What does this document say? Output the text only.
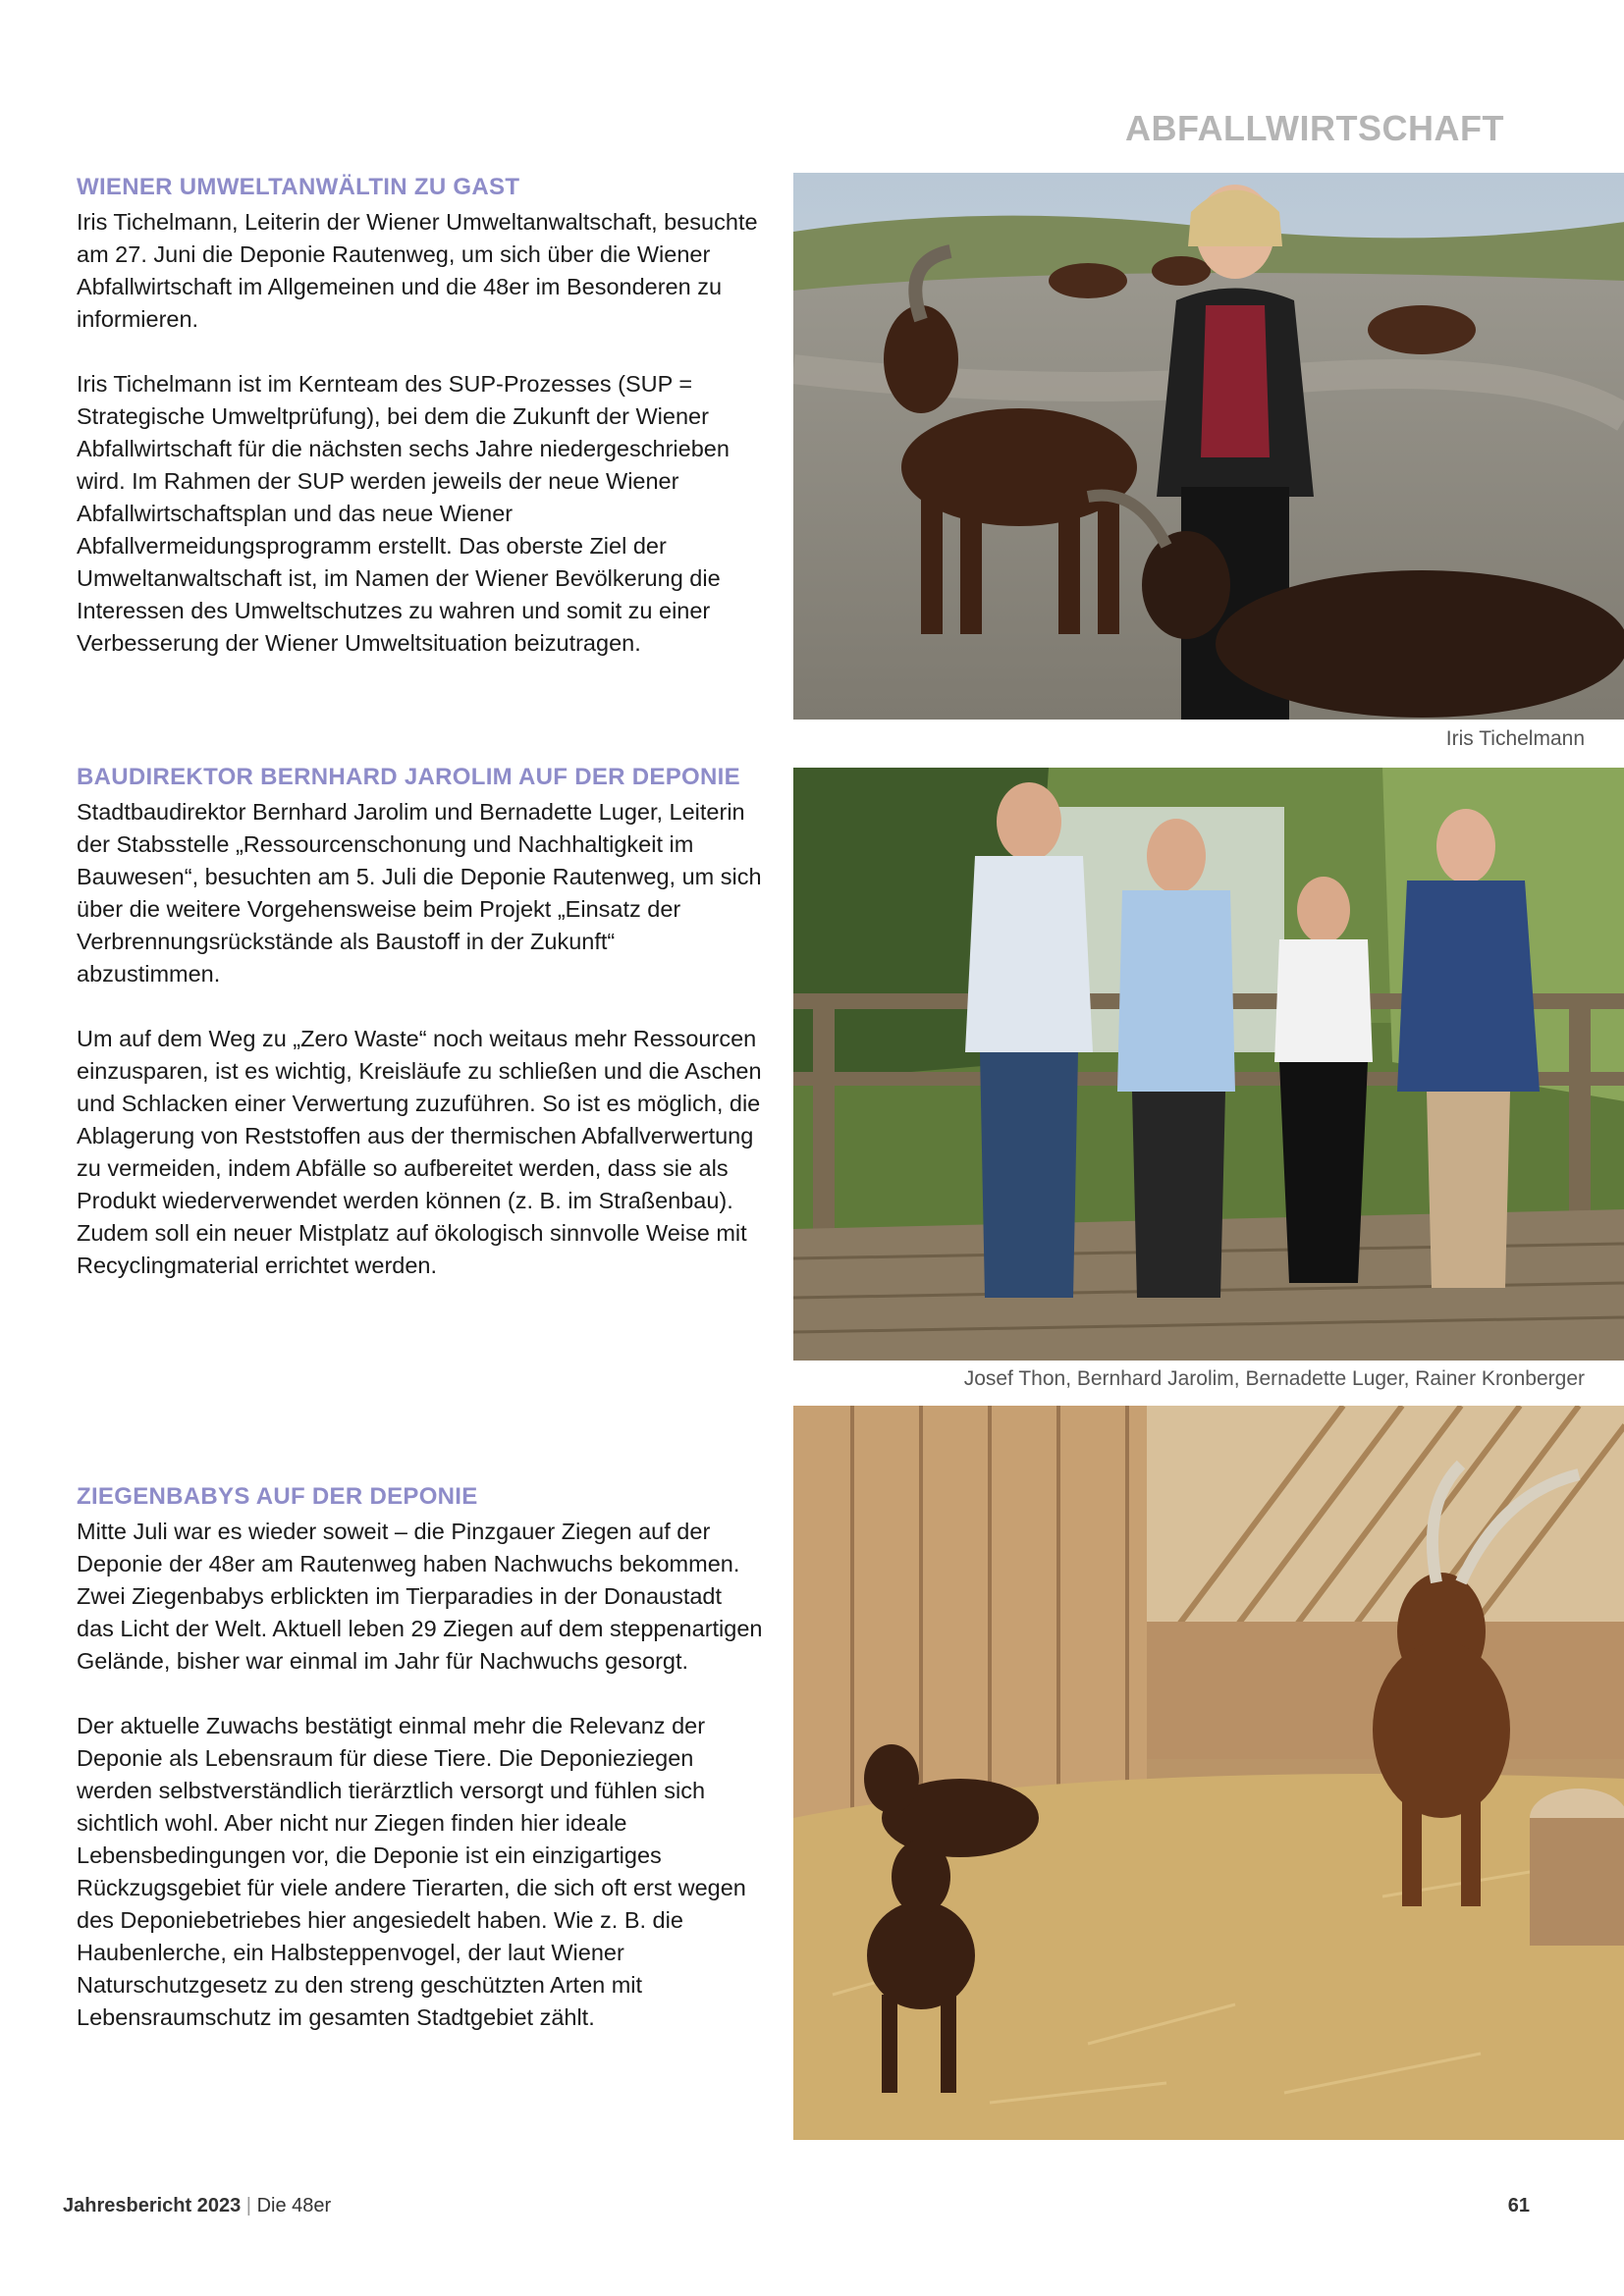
ABFALLWIRTSCHAFT
WIENER UMWELTANWÄLTIN ZU GAST

Iris Tichelmann, Leiterin der Wiener Umweltanwaltschaft, besuchte am 27. Juni die Deponie Rautenweg, um sich über die Wiener Abfallwirtschaft im Allgemeinen und die 48er im Besonderen zu informieren.

Iris Tichelmann ist im Kernteam des SUP-Prozesses (SUP = Strategische Umweltprüfung), bei dem die Zukunft der Wiener Abfallwirtschaft für die nächsten sechs Jahre niedergeschrieben wird. Im Rahmen der SUP werden jeweils der neue Wiener Abfallwirtschaftsplan und das neue Wiener Abfallvermeidungsprogramm erstellt. Das oberste Ziel der Umweltanwaltschaft ist, im Namen der Wiener Bevölkerung die Interessen des Umweltschutzes zu wahren und somit zu einer Verbesserung der Wiener Umweltsituation beizutragen.

BAUDIREKTOR BERNHARD JAROLIM AUF DER DEPONIE

Stadtbaudirektor Bernhard Jarolim und Bernadette Luger, Leiterin der Stabsstelle „Ressourcenschonung und Nachhaltigkeit im Bauwesen“, besuchten am 5. Juli die Deponie Rautenweg, um sich über die weitere Vorgehensweise beim Projekt „Einsatz der Verbrennungsrückstände als Baustoff in der Zukunft“ abzustimmen.

Um auf dem Weg zu „Zero Waste“ noch weitaus mehr Ressourcen einzusparen, ist es wichtig, Kreisläufe zu schließen und die Aschen und Schlacken einer Verwertung zuzuführen. So ist es möglich, die Ablagerung von Reststoffen aus der thermischen Abfallverwertung zu vermeiden, indem Abfälle so aufbereitet werden, dass sie als Produkt wiederverwendet werden können (z. B. im Straßenbau). Zudem soll ein neuer Mistplatz auf ökologisch sinnvolle Weise mit Recyclingmaterial errichtet werden.

ZIEGENBABYS AUF DER DEPONIE

Mitte Juli war es wieder soweit – die Pinzgauer Ziegen auf der Deponie der 48er am Rautenweg haben Nachwuchs bekommen. Zwei Ziegenbabys erblickten im Tierparadies in der Donaustadt das Licht der Welt. Aktuell leben 29 Ziegen auf dem steppenartigen Gelände, bisher war einmal im Jahr für Nachwuchs gesorgt.

Der aktuelle Zuwachs bestätigt einmal mehr die Relevanz der Deponie als Lebensraum für diese Tiere. Die Deponieziegen werden selbstverständlich tierärztlich versorgt und fühlen sich sichtlich wohl. Aber nicht nur Ziegen finden hier ideale Lebensbedingungen vor, die Deponie ist ein einzigartiges Rückzugsgebiet für viele andere Tierarten, die sich oft erst wegen des Deponiebetriebes hier angesiedelt haben. Wie z. B. die Haubenlerche, ein Halbsteppenvogel, der laut Wiener Naturschutzgesetz zu den streng geschützten Arten mit Lebensraumschutz im gesamten Stadtgebiet zählt.

Iris Tichelmann
Josef Thon, Bernhard Jarolim, Bernadette Luger, Rainer Kronberger
Jahresbericht 2023 | Die 48er	61
